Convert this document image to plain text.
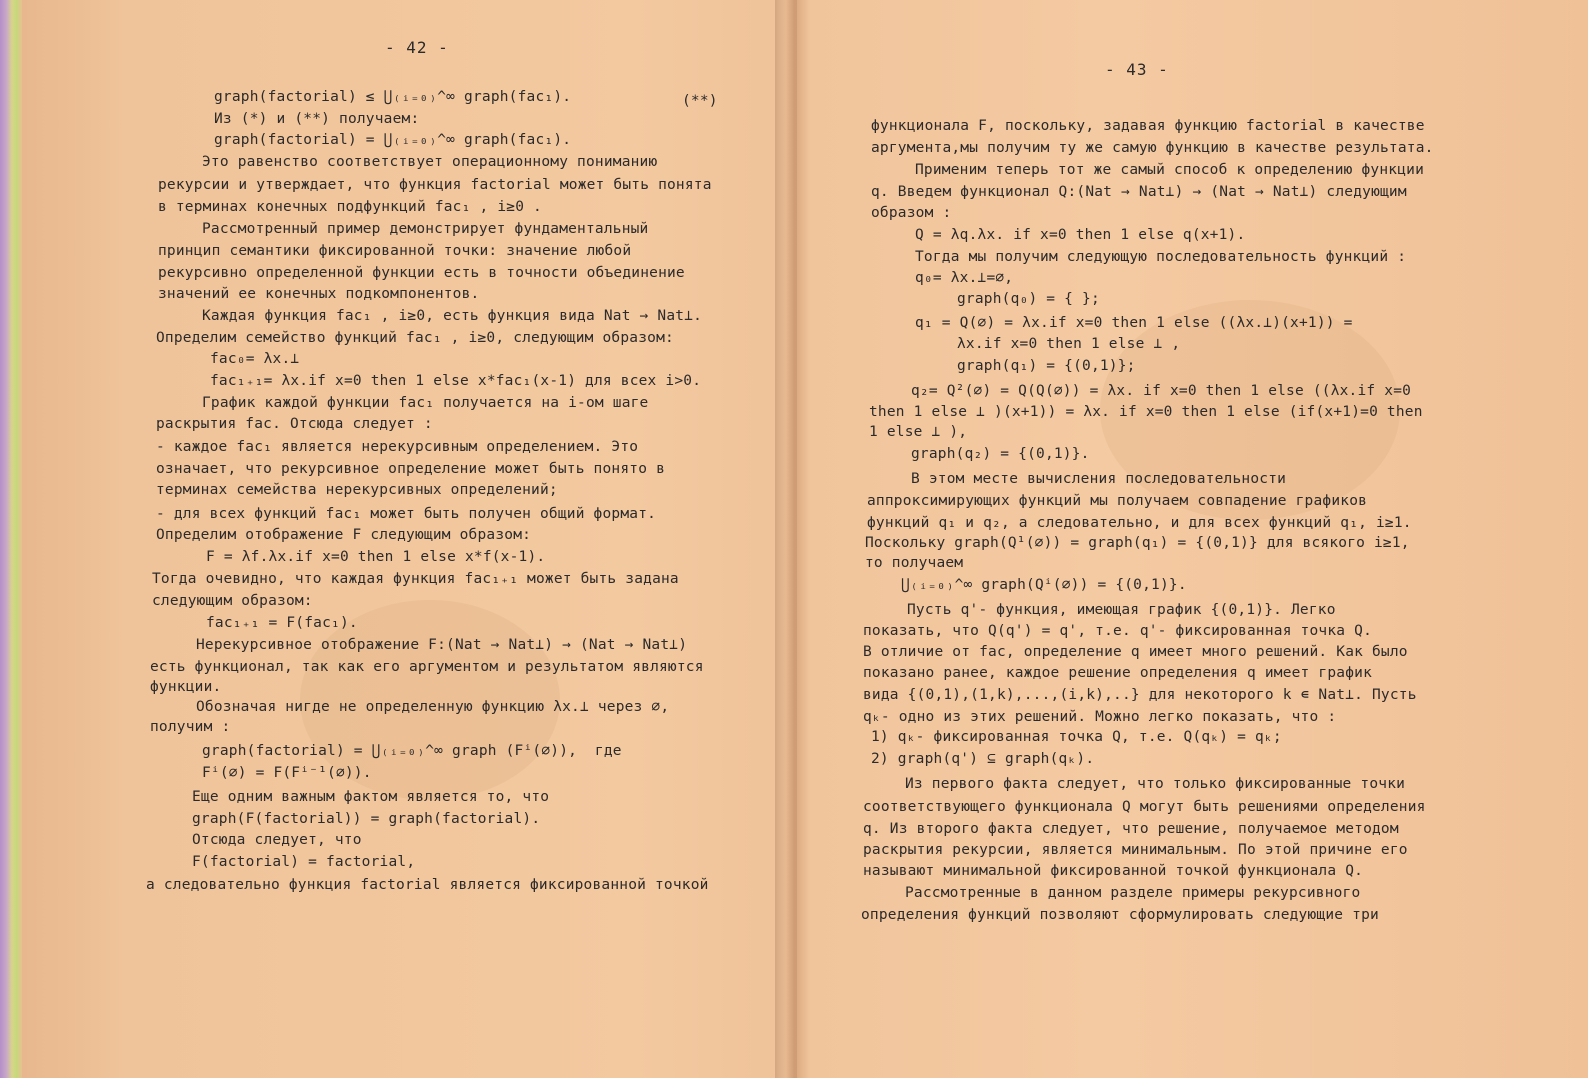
- 42 -
graph(factorial) ≤ ⋃₍ᵢ₌₀₎^∞ graph(fac₁).	(**)
Из (*) и (**) получаем:
graph(factorial) = ⋃₍ᵢ₌₀₎^∞ graph(fac₁).
Это равенство соответствует операционному пониманию
рекурсии и утверждает, что функция factorial может быть понята
в терминах конечных подфункций fac₁ , i≥0 .
Рассмотренный пример демонстрирует фундаментальный
принцип семантики фиксированной точки: значение любой
рекурсивно определенной функции есть в точности объединение
значений ее конечных подкомпонентов.
Каждая функция fac₁ , i≥0, есть функция вида Nat → Nat⊥.
Определим семейство функций fac₁ , i≥0, следующим образом:
fac₀= λx.⊥
fac₁₊₁= λx.if x=0 then 1 else x*fac₁(x-1) для всех i>0.
График каждой функции fac₁ получается на i-ом шаге
раскрытия fac. Отсюда следует :
- каждое fac₁ является нерекурсивным определением. Это
означает, что рекурсивное определение может быть понято в
терминах семейства нерекурсивных определений;
- для всех функций fac₁ может быть получен общий формат.
Определим отображение F следующим образом:
F = λf.λx.if x=0 then 1 else x*f(x-1).
Тогда очевидно, что каждая функция fac₁₊₁ может быть задана
следующим образом:
fac₁₊₁ = F(fac₁).
Нерекурсивное отображение F:(Nat → Nat⊥) → (Nat → Nat⊥)
есть функционал, так как его аргументом и результатом являются
функции.
Обозначая нигде не определенную функцию λx.⊥ через ∅,
получим :
graph(factorial) = ⋃₍ᵢ₌₀₎^∞ graph (Fⁱ(∅)),  где
Fⁱ(∅) = F(Fⁱ⁻¹(∅)).
Еще одним важным фактом является то, что
graph(F(factorial)) = graph(factorial).
Отсюда следует, что
F(factorial) = factorial,
а следовательно функция factorial является фиксированной точкой
- 43 -
функционала F, поскольку, задавая функцию factorial в качестве
аргумента,мы получим ту же самую функцию в качестве результата.
Применим теперь тот же самый способ к определению функции
q. Введем функционал Q:(Nat → Nat⊥) → (Nat → Nat⊥) следующим
образом :
Q = λq.λx. if x=0 then 1 else q(x+1).
Тогда мы получим следующую последовательность функций :
q₀= λx.⊥=∅,
graph(q₀) = { };
q₁ = Q(∅) = λx.if x=0 then 1 else ((λx.⊥)(x+1)) =
λx.if x=0 then 1 else ⊥ ,
graph(q₁) = {(0,1)};
q₂= Q²(∅) = Q(Q(∅)) = λx. if x=0 then 1 else ((λx.if x=0
then 1 else ⊥ )(x+1)) = λx. if x=0 then 1 else (if(x+1)=0 then
1 else ⊥ ),
graph(q₂) = {(0,1)}.
В этом месте вычисления последовательности
аппроксимирующих функций мы получаем совпадение графиков
функций q₁ и q₂, а следовательно, и для всех функций q₁, i≥1.
Поскольку graph(Q¹(∅)) = graph(q₁) = {(0,1)} для всякого i≥1,
то получаем
⋃₍ᵢ₌₀₎^∞ graph(Qⁱ(∅)) = {(0,1)}.
Пусть q'- функция, имеющая график {(0,1)}. Легко
показать, что Q(q') = q', т.е. q'- фиксированная точка Q.
В отличие от fac, определение q имеет много решений. Как было
показано ранее, каждое решение определения q имеет график
вида {(0,1),(1,k),...,(i,k),..} для некоторого k ∊ Nat⊥. Пусть
qₖ- одно из этих решений. Можно легко показать, что :
1) qₖ- фиксированная точка Q, т.е. Q(qₖ) = qₖ;
2) graph(q') ⊆ graph(qₖ).
Из первого факта следует, что только фиксированные точки
соответствующего функционала Q могут быть решениями определения
q. Из второго факта следует, что решение, получаемое методом
раскрытия рекурсии, является минимальным. По этой причине его
называют минимальной фиксированной точкой функционала Q.
Рассмотренные в данном разделе примеры рекурсивного
определения функций позволяют сформулировать следующие три
